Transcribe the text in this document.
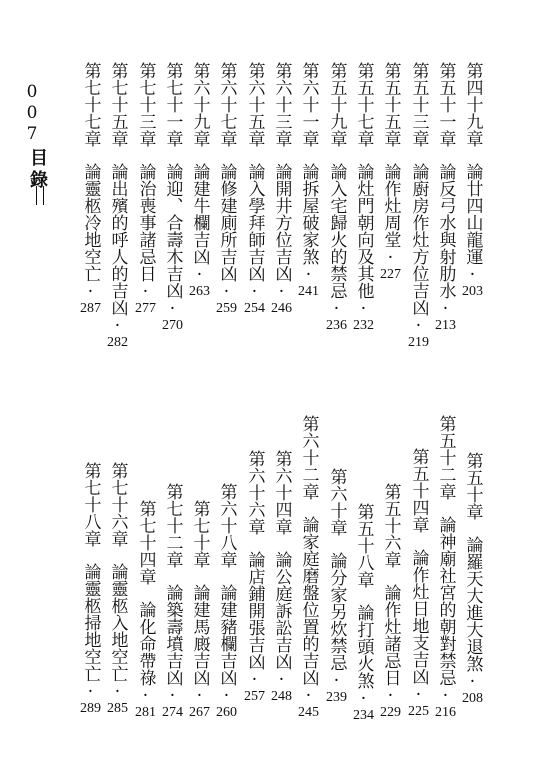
007
目錄
第四十九章論廿四山龍運·203
第五十一章論反弓水與射肋水·213
第五十三章論廚房作灶方位吉凶·219
第五十五章論作灶周堂·227
第五十七章論灶門朝向及其他·232
第五十九章論入宅歸火的禁忌·236
第六十一章論拆屋破家煞·241
第六十三章論開井方位吉凶·246
第六十五章論入學拜師吉凶·254
第六十七章論修建廁所吉凶·259
第六十九章論建牛欄吉凶·263
第七十一章論迎、合壽木吉凶·270
第七十三章論治喪事諸忌日·277
第七十五章論出殯的呼人的吉凶·282
第七十七章論靈柩冷地空亡·287
第五十章論羅天大進大退煞·208
第五十二章論神廟社宮的朝對禁忌·216
第五十四章論作灶日地支吉凶·225
第五十六章論作灶諸忌日·229
第五十八章論打頭火煞·234
第六十章論分家另炊禁忌·239
第六十二章論家庭磨盤位置的吉凶·245
第六十四章論公庭訴訟吉凶·248
第六十六章論店鋪開張吉凶·257
第六十八章論建豬欄吉凶·260
第七十章論建馬廄吉凶·267
第七十二章論築壽墳吉凶·274
第七十四章論化命帶祿·281
第七十六章論靈柩入地空亡·285
第七十八章論靈柩掃地空亡·289
